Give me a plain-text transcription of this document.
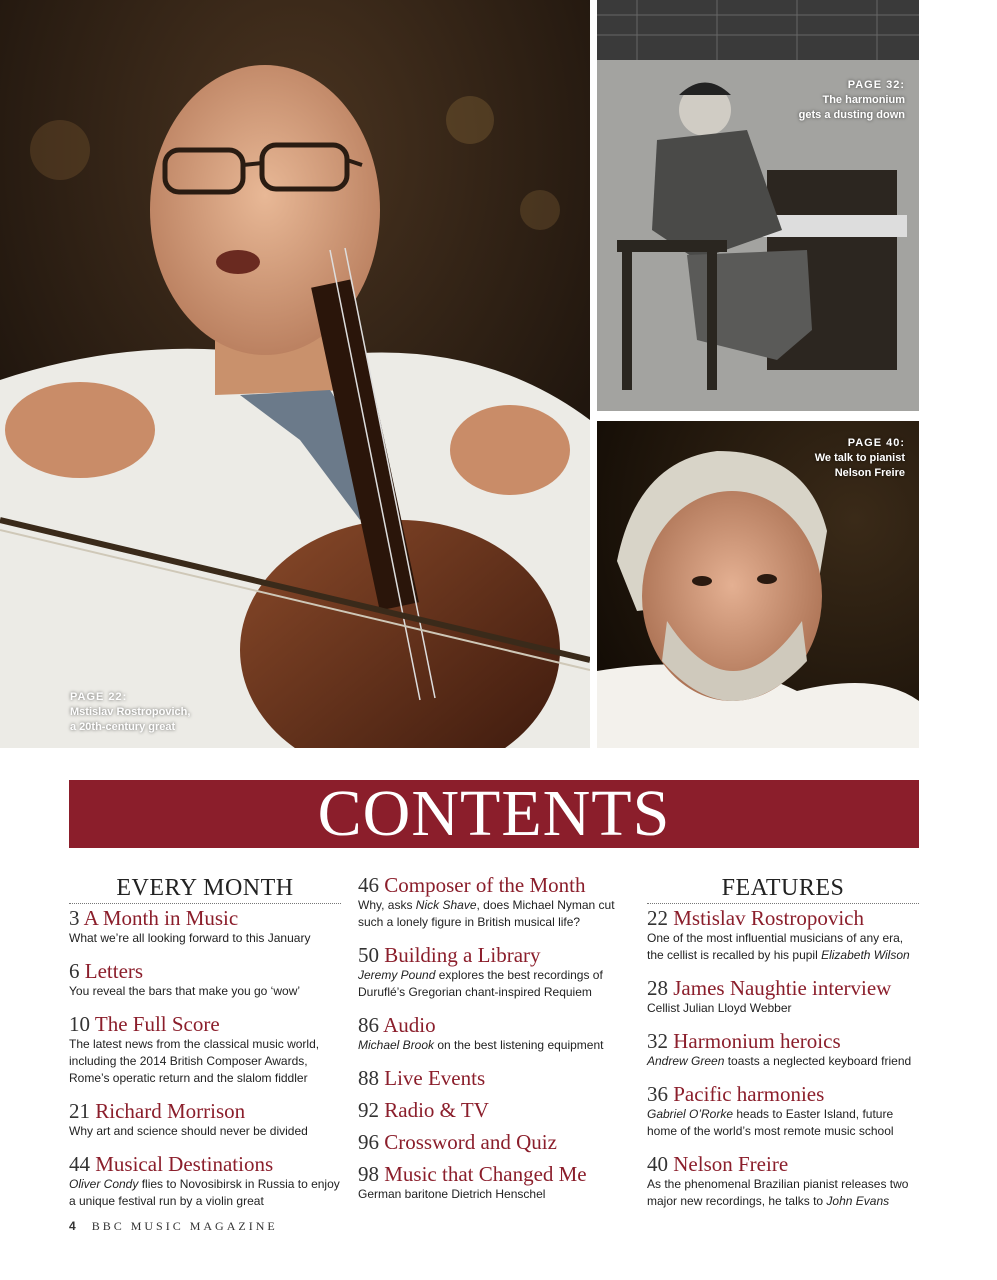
PAGE 22:
Mstislav Rostropovich,
a 20th-century great
PAGE 32:
The harmonium
gets a dusting down
PAGE 40:
We talk to pianist
Nelson Freire
CONTENTS
EVERY MONTH
3 A Month in Music
What we’re all looking forward to this January
6 Letters
You reveal the bars that make you go ‘wow’
10 The Full Score
The latest news from the classical music world, including the 2014 British Composer Awards, Rome’s operatic return and the slalom fiddler
21 Richard Morrison
Why art and science should never be divided
44 Musical Destinations
Oliver Condy flies to Novosibirsk in Russia to enjoy a unique festival run by a violin great
46 Composer of the Month
Why, asks Nick Shave, does Michael Nyman cut such a lonely figure in British musical life?
50 Building a Library
Jeremy Pound explores the best recordings of Duruflé’s Gregorian chant-inspired Requiem
86 Audio
Michael Brook on the best listening equipment
88 Live Events
92 Radio & TV
96 Crossword and Quiz
98 Music that Changed Me
German baritone Dietrich Henschel
FEATURES
22 Mstislav Rostropovich
One of the most influential musicians of any era, the cellist is recalled by his pupil Elizabeth Wilson
28 James Naughtie interview
Cellist Julian Lloyd Webber
32 Harmonium heroics
Andrew Green toasts a neglected keyboard friend
36 Pacific harmonies
Gabriel O’Rorke heads to Easter Island, future home of the world’s most remote music school
40 Nelson Freire
As the phenomenal Brazilian pianist releases two major new recordings, he talks to John Evans
4 BBC MUSIC MAGAZINE
